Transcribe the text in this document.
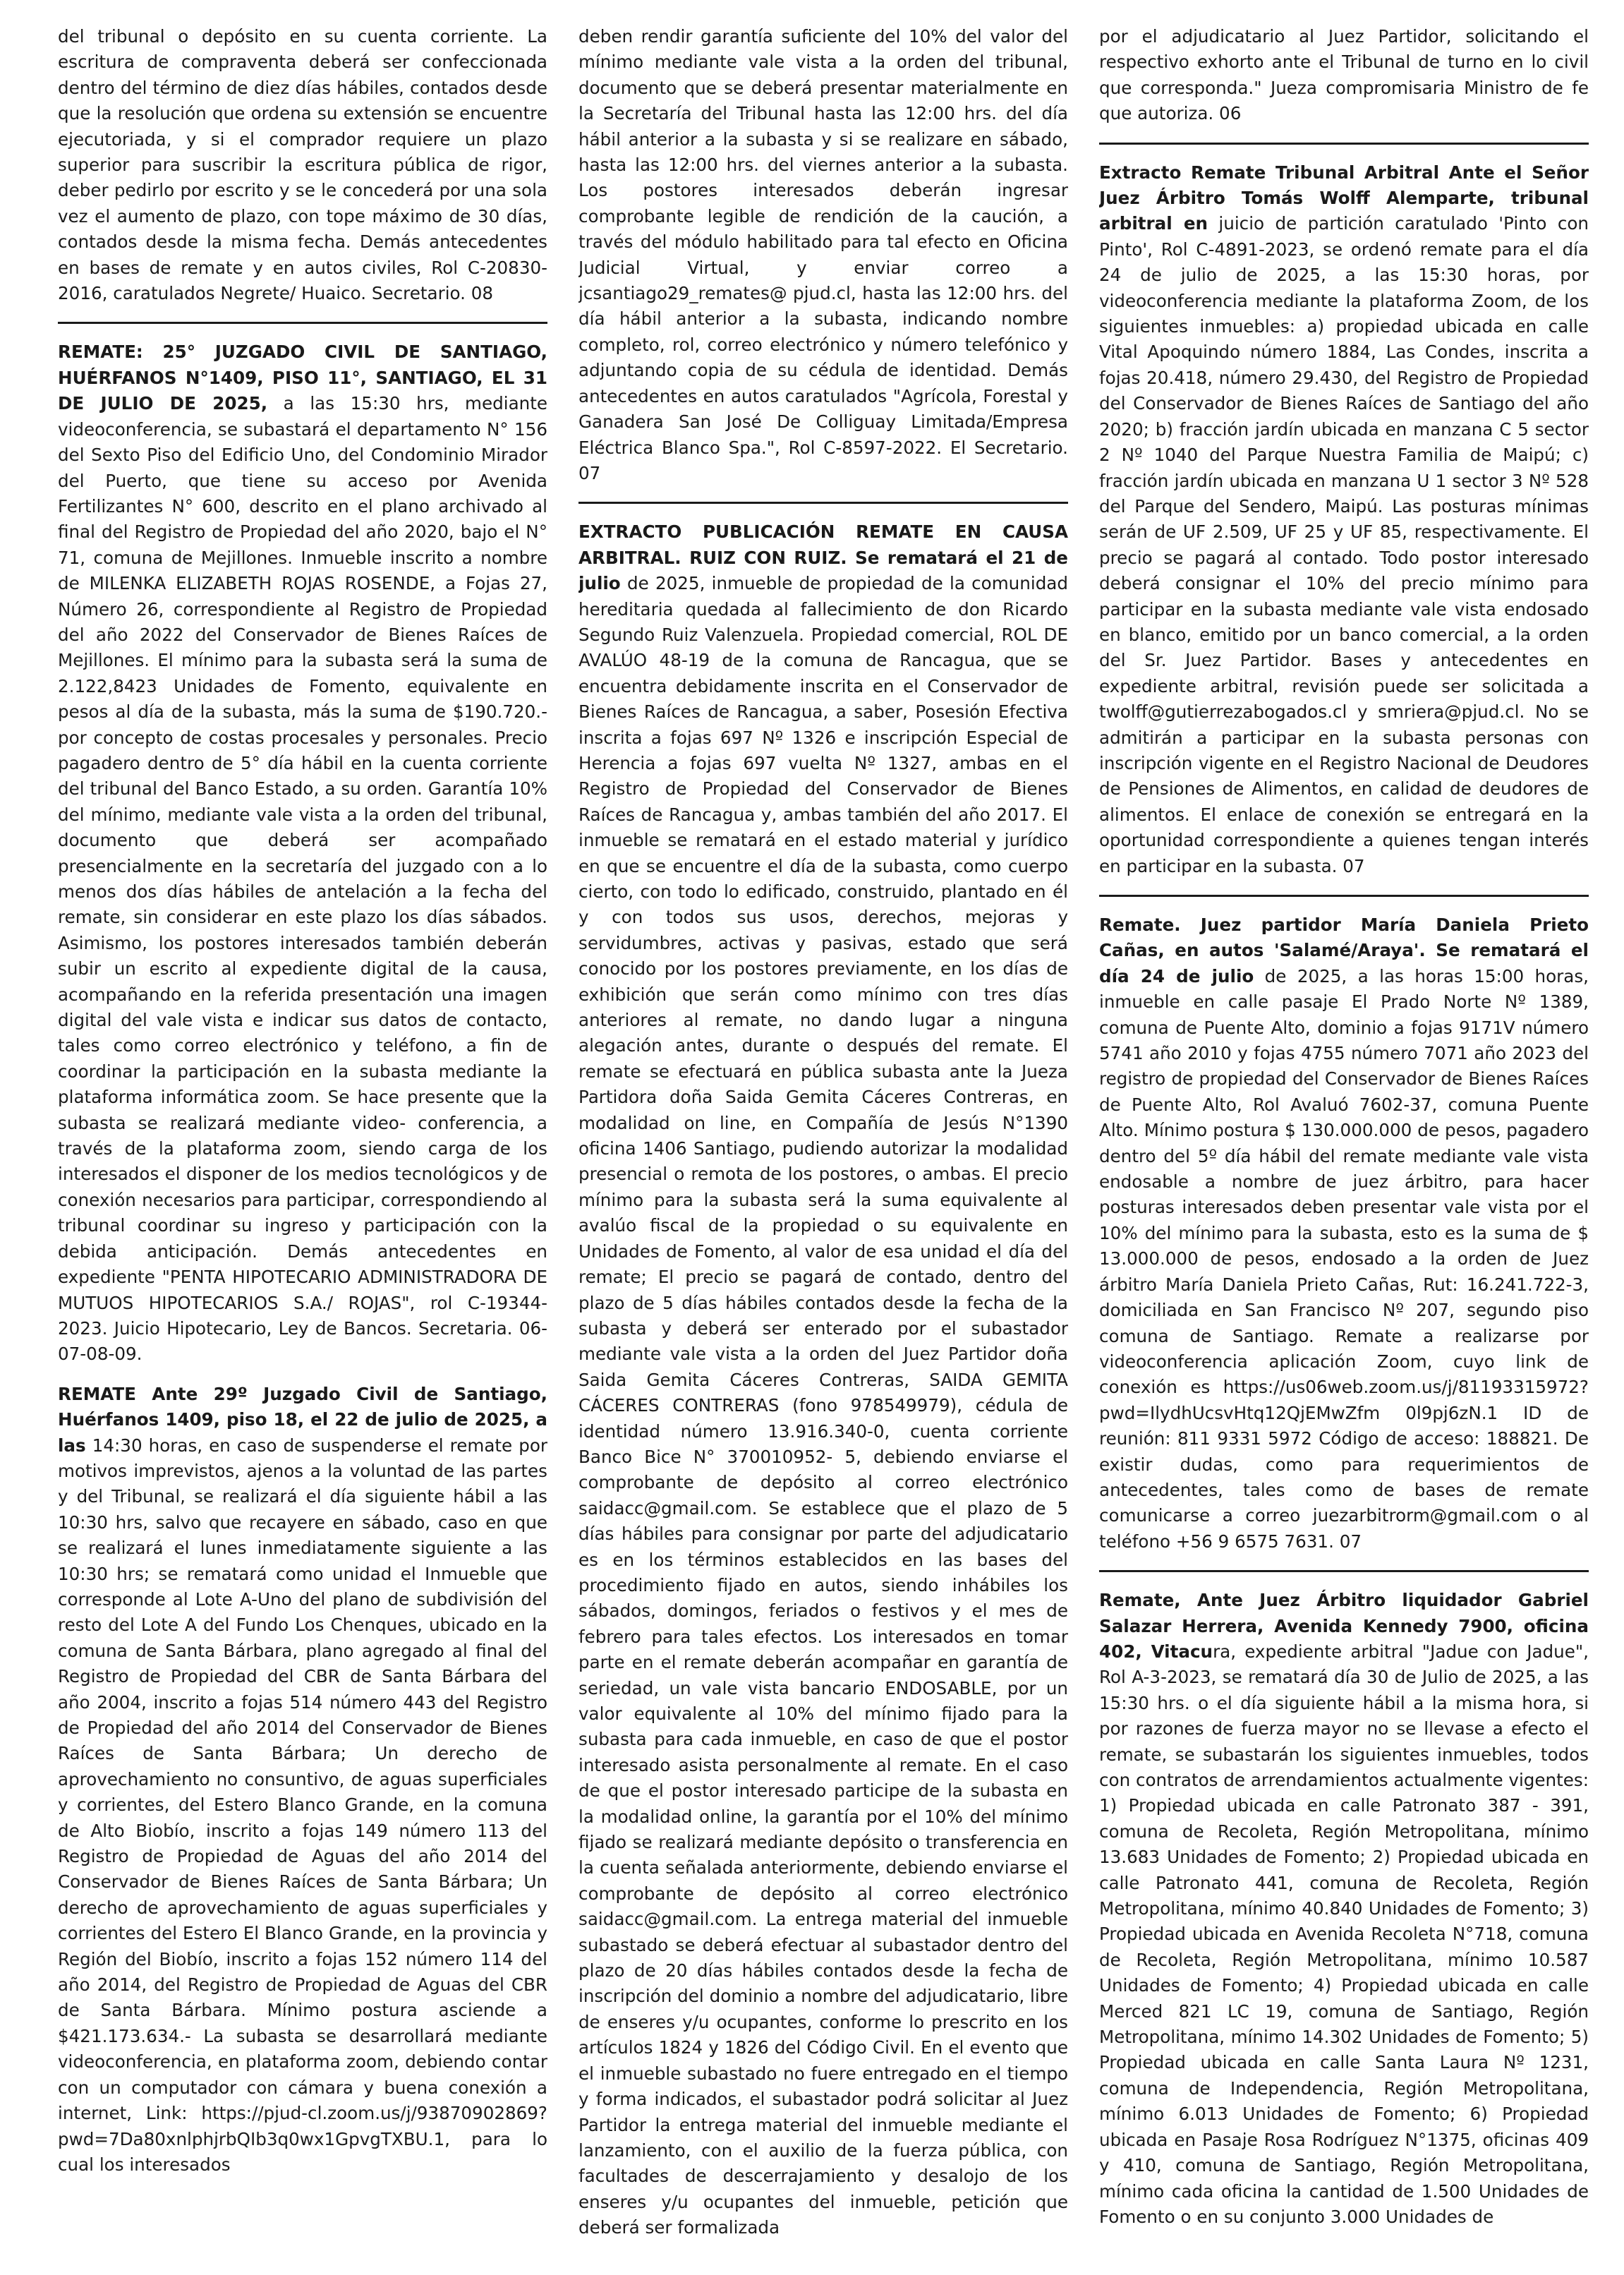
del tribunal o depósito en su cuenta corriente. La escritura de compraventa deberá ser confeccionada dentro del término de diez días hábiles, contados desde que la resolución que ordena su extensión se encuentre ejecutoriada, y si el comprador requiere un plazo superior para suscribir la escritura pública de rigor, deber pedirlo por escrito y se le concederá por una sola vez el aumento de plazo, con tope máximo de 30 días, contados desde la misma fecha. Demás antecedentes en bases de remate y en autos civiles, Rol C-20830-2016, caratulados Negrete/ Huaico. Secretario. 08

REMATE: 25° JUZGADO CIVIL DE SANTIAGO, HUÉRFANOS N°1409, PISO 11°, SANTIAGO, EL 31 DE JULIO DE 2025, a las 15:30 hrs, mediante videoconferencia, se subastará el departamento N° 156 del Sexto Piso del Edificio Uno, del Condominio Mirador del Puerto, que tiene su acceso por Avenida Fertilizantes N° 600, descrito en el plano archivado al final del Registro de Propiedad del año 2020, bajo el N° 71, comuna de Mejillones. Inmueble inscrito a nombre de MILENKA ELIZABETH ROJAS ROSENDE, a Fojas 27, Número 26, correspondiente al Registro de Propiedad del año 2022 del Conservador de Bienes Raíces de Mejillones. El mínimo para la subasta será la suma de 2.122,8423 Unidades de Fomento, equivalente en pesos al día de la subasta, más la suma de $190.720.- por concepto de costas procesales y personales. Precio pagadero dentro de 5° día hábil en la cuenta corriente del tribunal del Banco Estado, a su orden. Garantía 10% del mínimo, mediante vale vista a la orden del tribunal, documento que deberá ser acompañado presencialmente en la secretaría del juzgado con a lo menos dos días hábiles de antelación a la fecha del remate, sin considerar en este plazo los días sábados. Asimismo, los postores interesados también deberán subir un escrito al expediente digital de la causa, acompañando en la referida presentación una imagen digital del vale vista e indicar sus datos de contacto, tales como correo electrónico y teléfono, a fin de coordinar la participación en la subasta mediante la plataforma informática zoom. Se hace presente que la subasta se realizará mediante video- conferencia, a través de la plataforma zoom, siendo carga de los interesados el disponer de los medios tecnológicos y de conexión necesarios para participar, correspondiendo al tribunal coordinar su ingreso y participación con la debida anticipación. Demás antecedentes en expediente "PENTA HIPOTECARIO ADMINISTRADORA DE MUTUOS HIPOTECARIOS S.A./ ROJAS", rol C-19344-2023. Juicio Hipotecario, Ley de Bancos. Secretaria. 06-07-08-09.

REMATE Ante 29º Juzgado Civil de Santiago, Huérfanos 1409, piso 18, el 22 de julio de 2025, a las 14:30 horas, en caso de suspenderse el remate por motivos imprevistos, ajenos a la voluntad de las partes y del Tribunal, se realizará el día siguiente hábil a las 10:30 hrs, salvo que recayere en sábado, caso en que se realizará el lunes inmediatamente siguiente a las 10:30 hrs; se rematará como unidad el Inmueble que corresponde al Lote A-Uno del plano de subdivisión del resto del Lote A del Fundo Los Chenques, ubicado en la comuna de Santa Bárbara, plano agregado al final del Registro de Propiedad del CBR de Santa Bárbara del año 2004, inscrito a fojas 514 número 443 del Registro de Propiedad del año 2014 del Conservador de Bienes Raíces de Santa Bárbara; Un derecho de aprovechamiento no consuntivo, de aguas superficiales y corrientes, del Estero Blanco Grande, en la comuna de Alto Biobío, inscrito a fojas 149 número 113 del Registro de Propiedad de Aguas del año 2014 del Conservador de Bienes Raíces de Santa Bárbara; Un derecho de aprovechamiento de aguas superficiales y corrientes del Estero El Blanco Grande, en la provincia y Región del Biobío, inscrito a fojas 152 número 114 del año 2014, del Registro de Propiedad de Aguas del CBR de Santa Bárbara. Mínimo postura asciende a $421.173.634.- La subasta se desarrollará mediante videoconferencia, en plataforma zoom, debiendo contar con un computador con cámara y buena conexión a internet, Link: https://pjud-cl.zoom.us/j/93870902869?pwd=7Da80xnlphjrbQIb3q0wx1GpvgTXBU.1, para lo cual los interesados

deben rendir garantía suficiente del 10% del valor del mínimo mediante vale vista a la orden del tribunal, documento que se deberá presentar materialmente en la Secretaría del Tribunal hasta las 12:00 hrs. del día hábil anterior a la subasta y si se realizare en sábado, hasta las 12:00 hrs. del viernes anterior a la subasta. Los postores interesados deberán ingresar comprobante legible de rendición de la caución, a través del módulo habilitado para tal efecto en Oficina Judicial Virtual, y enviar correo a jcsantiago29_remates@ pjud.cl, hasta las 12:00 hrs. del día hábil anterior a la subasta, indicando nombre completo, rol, correo electrónico y número telefónico y adjuntando copia de su cédula de identidad. Demás antecedentes en autos caratulados "Agrícola, Forestal y Ganadera San José De Colliguay Limitada/Empresa Eléctrica Blanco Spa.", Rol C-8597-2022. El Secretario. 07

EXTRACTO PUBLICACIÓN REMATE EN CAUSA ARBITRAL. RUIZ CON RUIZ. Se rematará el 21 de julio de 2025, inmueble de propiedad de la comunidad hereditaria quedada al fallecimiento de don Ricardo Segundo Ruiz Valenzuela. Propiedad comercial, ROL DE AVALÚO 48-19 de la comuna de Rancagua, que se encuentra debidamente inscrita en el Conservador de Bienes Raíces de Rancagua, a saber, Posesión Efectiva inscrita a fojas 697 Nº 1326 e inscripción Especial de Herencia a fojas 697 vuelta Nº 1327, ambas en el Registro de Propiedad del Conservador de Bienes Raíces de Rancagua y, ambas también del año 2017. El inmueble se rematará en el estado material y jurídico en que se encuentre el día de la subasta, como cuerpo cierto, con todo lo edificado, construido, plantado en él y con todos sus usos, derechos, mejoras y servidumbres, activas y pasivas, estado que será conocido por los postores previamente, en los días de exhibición que serán como mínimo con tres días anteriores al remate, no dando lugar a ninguna alegación antes, durante o después del remate. El remate se efectuará en pública subasta ante la Jueza Partidora doña Saida Gemita Cáceres Contreras, en modalidad on line, en Compañía de Jesús N°1390 oficina 1406 Santiago, pudiendo autorizar la modalidad presencial o remota de los postores, o ambas. El precio mínimo para la subasta será la suma equivalente al avalúo fiscal de la propiedad o su equivalente en Unidades de Fomento, al valor de esa unidad el día del remate; El precio se pagará de contado, dentro del plazo de 5 días hábiles contados desde la fecha de la subasta y deberá ser enterado por el subastador mediante vale vista a la orden del Juez Partidor doña Saida Gemita Cáceres Contreras, SAIDA GEMITA CÁCERES CONTRERAS (fono 978549979), cédula de identidad número 13.916.340-0, cuenta corriente Banco Bice N° 370010952- 5, debiendo enviarse el comprobante de depósito al correo electrónico saidacc@gmail.com. Se establece que el plazo de 5 días hábiles para consignar por parte del adjudicatario es en los términos establecidos en las bases del procedimiento fijado en autos, siendo inhábiles los sábados, domingos, feriados o festivos y el mes de febrero para tales efectos. Los interesados en tomar parte en el remate deberán acompañar en garantía de seriedad, un vale vista bancario ENDOSABLE, por un valor equivalente al 10% del mínimo fijado para la subasta para cada inmueble, en caso de que el postor interesado asista personalmente al remate. En el caso de que el postor interesado participe de la subasta en la modalidad online, la garantía por el 10% del mínimo fijado se realizará mediante depósito o transferencia en la cuenta señalada anteriormente, debiendo enviarse el comprobante de depósito al correo electrónico saidacc@gmail.com. La entrega material del inmueble subastado se deberá efectuar al subastador dentro del plazo de 20 días hábiles contados desde la fecha de inscripción del dominio a nombre del adjudicatario, libre de enseres y/u ocupantes, conforme lo prescrito en los artículos 1824 y 1826 del Código Civil. En el evento que el inmueble subastado no fuere entregado en el tiempo y forma indicados, el subastador podrá solicitar al Juez Partidor la entrega material del inmueble mediante el lanzamiento, con el auxilio de la fuerza pública, con facultades de descerrajamiento y desalojo de los enseres y/u ocupantes del inmueble, petición que deberá ser formalizada

por el adjudicatario al Juez Partidor, solicitando el respectivo exhorto ante el Tribunal de turno en lo civil que corresponda." Jueza compromisaria Ministro de fe que autoriza. 06

Extracto Remate Tribunal Arbitral Ante el Señor Juez Árbitro Tomás Wolff Alemparte, tribunal arbitral en juicio de partición caratulado 'Pinto con Pinto', Rol C-4891-2023, se ordenó remate para el día 24 de julio de 2025, a las 15:30 horas, por videoconferencia mediante la plataforma Zoom, de los siguientes inmuebles: a) propiedad ubicada en calle Vital Apoquindo número 1884, Las Condes, inscrita a fojas 20.418, número 29.430, del Registro de Propiedad del Conservador de Bienes Raíces de Santiago del año 2020; b) fracción jardín ubicada en manzana C 5 sector 2 Nº 1040 del Parque Nuestra Familia de Maipú; c) fracción jardín ubicada en manzana U 1 sector 3 Nº 528 del Parque del Sendero, Maipú. Las posturas mínimas serán de UF 2.509, UF 25 y UF 85, respectivamente. El precio se pagará al contado. Todo postor interesado deberá consignar el 10% del precio mínimo para participar en la subasta mediante vale vista endosado en blanco, emitido por un banco comercial, a la orden del Sr. Juez Partidor. Bases y antecedentes en expediente arbitral, revisión puede ser solicitada a twolff@gutierrezabogados.cl y smriera@pjud.cl. No se admitirán a participar en la subasta personas con inscripción vigente en el Registro Nacional de Deudores de Pensiones de Alimentos, en calidad de deudores de alimentos. El enlace de conexión se entregará en la oportunidad correspondiente a quienes tengan interés en participar en la subasta. 07

Remate. Juez partidor María Daniela Prieto Cañas, en autos 'Salamé/Araya'. Se rematará el día 24 de julio de 2025, a las horas 15:00 horas, inmueble en calle pasaje El Prado Norte Nº 1389, comuna de Puente Alto, dominio a fojas 9171V número 5741 año 2010 y fojas 4755 número 7071 año 2023 del registro de propiedad del Conservador de Bienes Raíces de Puente Alto, Rol Avaluó 7602-37, comuna Puente Alto. Mínimo postura $ 130.000.000 de pesos, pagadero dentro del 5º día hábil del remate mediante vale vista endosable a nombre de juez árbitro, para hacer posturas interesados deben presentar vale vista por el 10% del mínimo para la subasta, esto es la suma de $ 13.000.000 de pesos, endosado a la orden de Juez árbitro María Daniela Prieto Cañas, Rut: 16.241.722-3, domiciliada en San Francisco Nº 207, segundo piso comuna de Santiago. Remate a realizarse por videoconferencia aplicación Zoom, cuyo link de conexión es https://us06web.zoom.us/j/81193315972?pwd=IlydhUcsvHtq12QjEMwZfm 0l9pj6zN.1 ID de reunión: 811 9331 5972 Código de acceso: 188821. De existir dudas, como para requerimientos de antecedentes, tales como de bases de remate comunicarse a correo juezarbitrorm@gmail.com o al teléfono +56 9 6575 7631. 07

Remate, Ante Juez Árbitro liquidador Gabriel Salazar Herrera, Avenida Kennedy 7900, oficina 402, Vitacura, expediente arbitral "Jadue con Jadue", Rol A-3-2023, se rematará día 30 de Julio de 2025, a las 15:30 hrs. o el día siguiente hábil a la misma hora, si por razones de fuerza mayor no se llevase a efecto el remate, se subastarán los siguientes inmuebles, todos con contratos de arrendamientos actualmente vigentes: 1) Propiedad ubicada en calle Patronato 387 - 391, comuna de Recoleta, Región Metropolitana, mínimo 13.683 Unidades de Fomento; 2) Propiedad ubicada en calle Patronato 441, comuna de Recoleta, Región Metropolitana, mínimo 40.840 Unidades de Fomento; 3) Propiedad ubicada en Avenida Recoleta N°718, comuna de Recoleta, Región Metropolitana, mínimo 10.587 Unidades de Fomento; 4) Propiedad ubicada en calle Merced 821 LC 19, comuna de Santiago, Región Metropolitana, mínimo 14.302 Unidades de Fomento; 5) Propiedad ubicada en calle Santa Laura Nº 1231, comuna de Independencia, Región Metropolitana, mínimo 6.013 Unidades de Fomento; 6) Propiedad ubicada en Pasaje Rosa Rodríguez N°1375, oficinas 409 y 410, comuna de Santiago, Región Metropolitana, mínimo cada oficina la cantidad de 1.500 Unidades de Fomento o en su conjunto 3.000 Unidades de
